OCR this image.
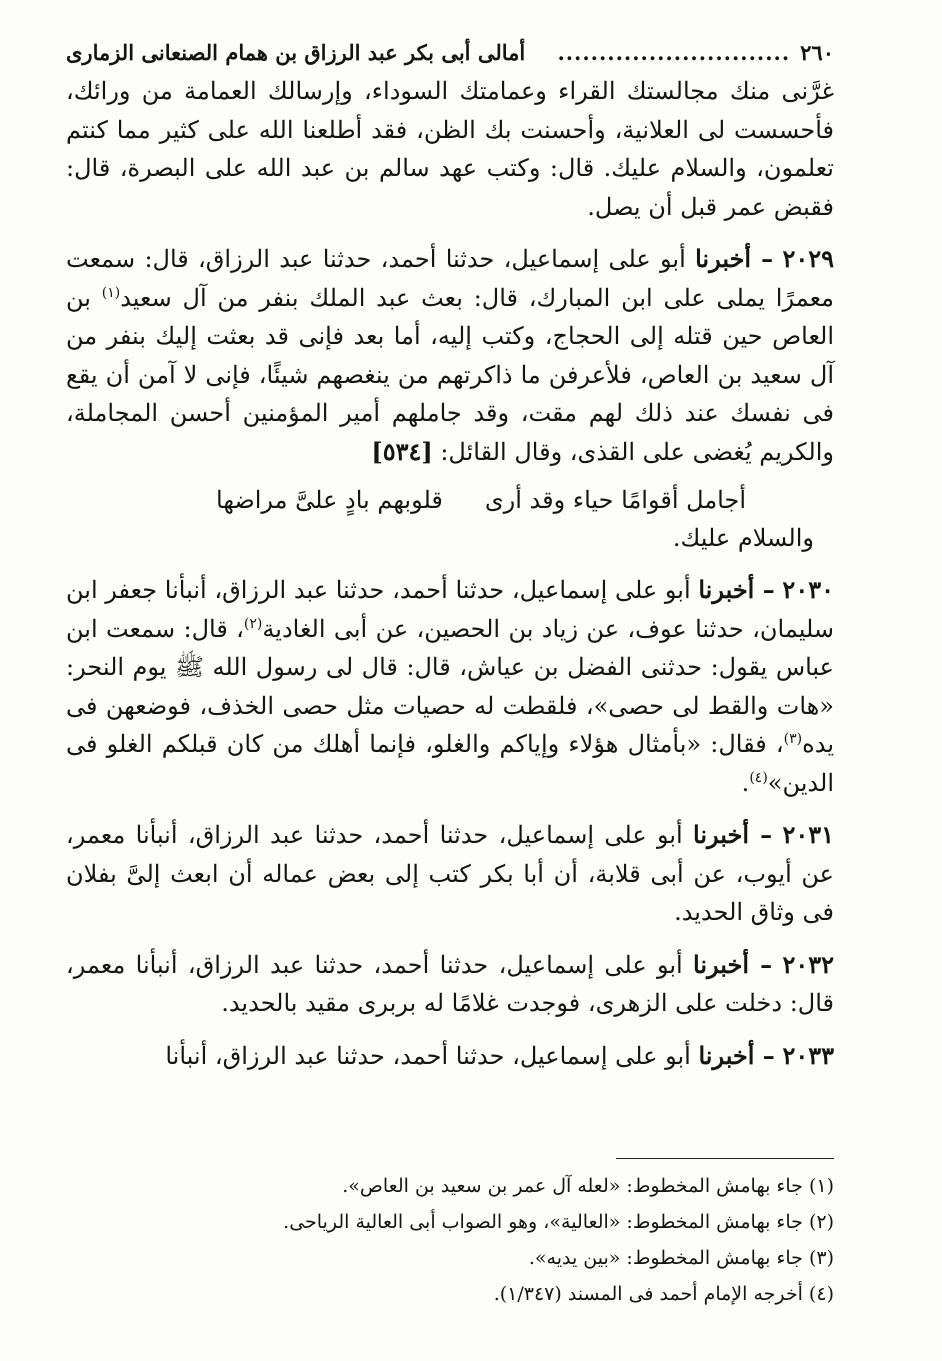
٢٦٠
............................
أمالى أبى بكر عبد الرزاق بن همام الصنعانى الزمارى

غرَّنى منك مجالستك القراء وعمامتك السوداء، وإرسالك العمامة من ورائك، فأحسست لى العلانية، وأحسنت بك الظن، فقد أطلعنا الله على كثير مما كنتم تعلمون، والسلام عليك. قال: وكتب عهد سالم بن عبد الله على البصرة، قال: فقبض عمر قبل أن يصل.

٢٠٢٩ – أخبرنا أبو على إسماعيل، حدثنا أحمد، حدثنا عبد الرزاق، قال: سمعت معمرًا يملى على ابن المبارك، قال: بعث عبد الملك بنفر من آل سعيد$^{(١)}$ بن العاص حين قتله إلى الحجاج، وكتب إليه، أما بعد فإنى قد بعثت إليك بنفر من آل سعيد بن العاص، فلأعرفن ما ذاكرتهم من ينغصهم شيئًا، فإنى لا آمن أن يقع فى نفسك عند ذلك لهم مقت، وقد جاملهم أمير المؤمنين أحسن المجاملة، والكريم يُغضى على القذى، وقال القائل: [٥٣٤]

أجامل أقوامًا حياء وقد أرى
قلوبهم بادٍ علىَّ مراضها
والسلام عليك.

٢٠٣٠ – أخبرنا أبو على إسماعيل، حدثنا أحمد، حدثنا عبد الرزاق، أنبأنا جعفر ابن سليمان، حدثنا عوف، عن زياد بن الحصين، عن أبى الغادية$^{(٢)}$، قال: سمعت ابن عباس يقول: حدثنى الفضل بن عياش، قال: قال لى رسول الله ﷺ يوم النحر: «هات والقط لى حصى»، فلقطت له حصيات مثل حصى الخذف، فوضعهن فى يده$^{(٣)}$، فقال: «بأمثال هؤلاء وإياكم والغلو، فإنما أهلك من كان قبلكم الغلو فى الدين»$^{(٤)}$.

٢٠٣١ – أخبرنا أبو على إسماعيل، حدثنا أحمد، حدثنا عبد الرزاق، أنبأنا معمر، عن أيوب، عن أبى قلابة، أن أبا بكر كتب إلى بعض عماله أن ابعث إلىَّ بفلان فى وثاق الحديد.

٢٠٣٢ – أخبرنا أبو على إسماعيل، حدثنا أحمد، حدثنا عبد الرزاق، أنبأنا معمر، قال: دخلت على الزهرى، فوجدت غلامًا له بربرى مقيد بالحديد.

٢٠٣٣ – أخبرنا أبو على إسماعيل، حدثنا أحمد، حدثنا عبد الرزاق، أنبأنا

(١) جاء بهامش المخطوط: «لعله آل عمر بن سعيد بن العاص».

(٢) جاء بهامش المخطوط: «العالية»، وهو الصواب أبى العالية الرياحى.

(٣) جاء بهامش المخطوط: «بين يديه».

(٤) أخرجه الإمام أحمد فى المسند (١/٣٤٧).
